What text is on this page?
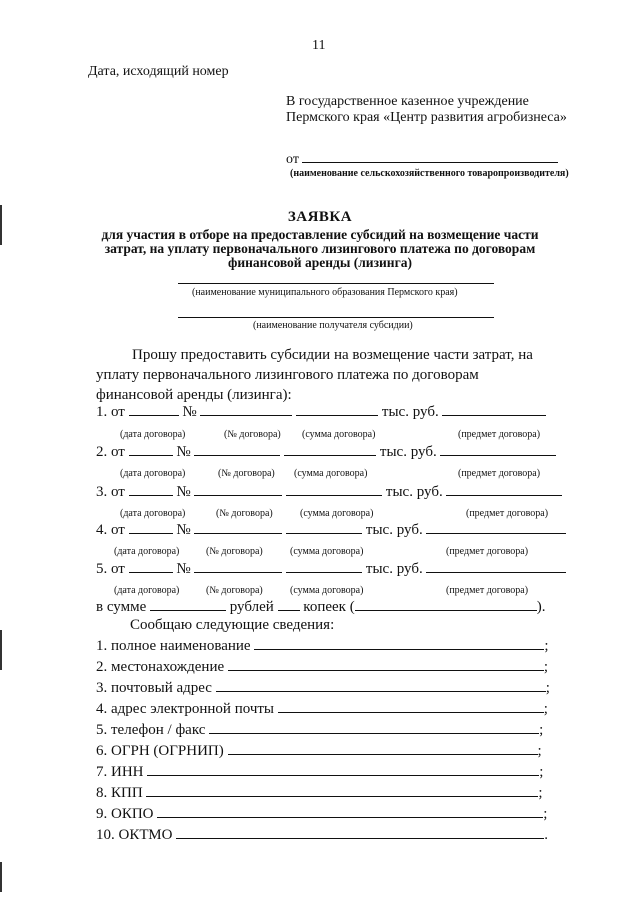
11
Дата, исходящий номер
В государственное казенное учреждение Пермского края «Центр развития агробизнеса»
от
(наименование сельскохозяйственного товаропроизводителя)
ЗАЯВКА
для участия в отборе на предоставление субсидий на возмещение части затрат, на уплату первоначального лизингового платежа по договорам финансовой аренды (лизинга)
(наименование муниципального образования Пермского края)
(наименование получателя субсидии)
Прошу предоставить субсидии на возмещение части затрат, на уплату первоначального лизингового платежа по договорам финансовой аренды (лизинга):
1. от	№	тыс. руб.
(дата договора)	(№ договора) (сумма договора)	(предмет договора)
2. от	№	тыс. руб.
(дата договора)	(№ договора) (сумма договора)	(предмет договора)
3. от	№	тыс. руб.
(дата договора)	(№ договора)	(сумма договора)	(предмет договора)
4. от	№	тыс. руб.
(дата договора)	(№ договора)	(сумма договора)	(предмет договора)
5. от	№	тыс. руб.
(дата договора)	(№ договора)	(сумма договора)	(предмет договора)
в сумме	рублей копеек (	).
Сообщаю следующие сведения:
1. полное наименование	;
2. местонахождение	;
3. почтовый адрес	;
4. адрес электронной почты	;
5. телефон / факс	;
6. ОГРН (ОГРНИП)	;
7. ИНН	;
8. КПП	;
9. ОКПО	;
10. ОКТМО	.
